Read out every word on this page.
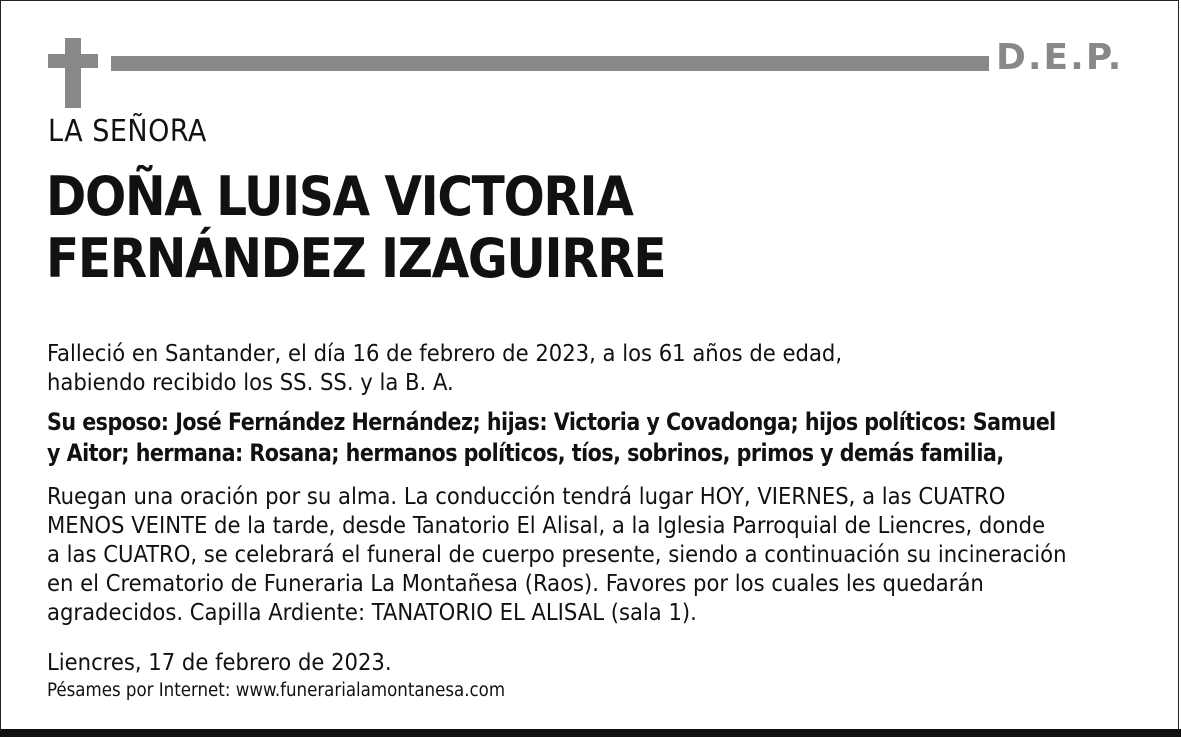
D.E.P.
LA SEÑORA
DOÑA LUISA VICTORIA
FERNÁNDEZ IZAGUIRRE
Falleció en Santander, el día 16 de febrero de 2023, a los 61 años de edad,
habiendo recibido los SS. SS. y la B. A.
Su esposo: José Fernández Hernández; hijas: Victoria y Covadonga; hijos políticos: Samuel
y Aitor; hermana: Rosana; hermanos políticos, tíos, sobrinos, primos y demás familia,
Ruegan una oración por su alma. La conducción tendrá lugar HOY, VIERNES, a las CUATRO
MENOS VEINTE de la tarde, desde Tanatorio El Alisal, a la Iglesia Parroquial de Liencres, donde
a las CUATRO, se celebrará el funeral de cuerpo presente, siendo a continuación su incineración
en el Crematorio de Funeraria La Montañesa (Raos). Favores por los cuales les quedarán
agradecidos. Capilla Ardiente: TANATORIO EL ALISAL (sala 1).
Liencres, 17 de febrero de 2023.
Pésames por Internet: www.funerarialamontanesa.com
